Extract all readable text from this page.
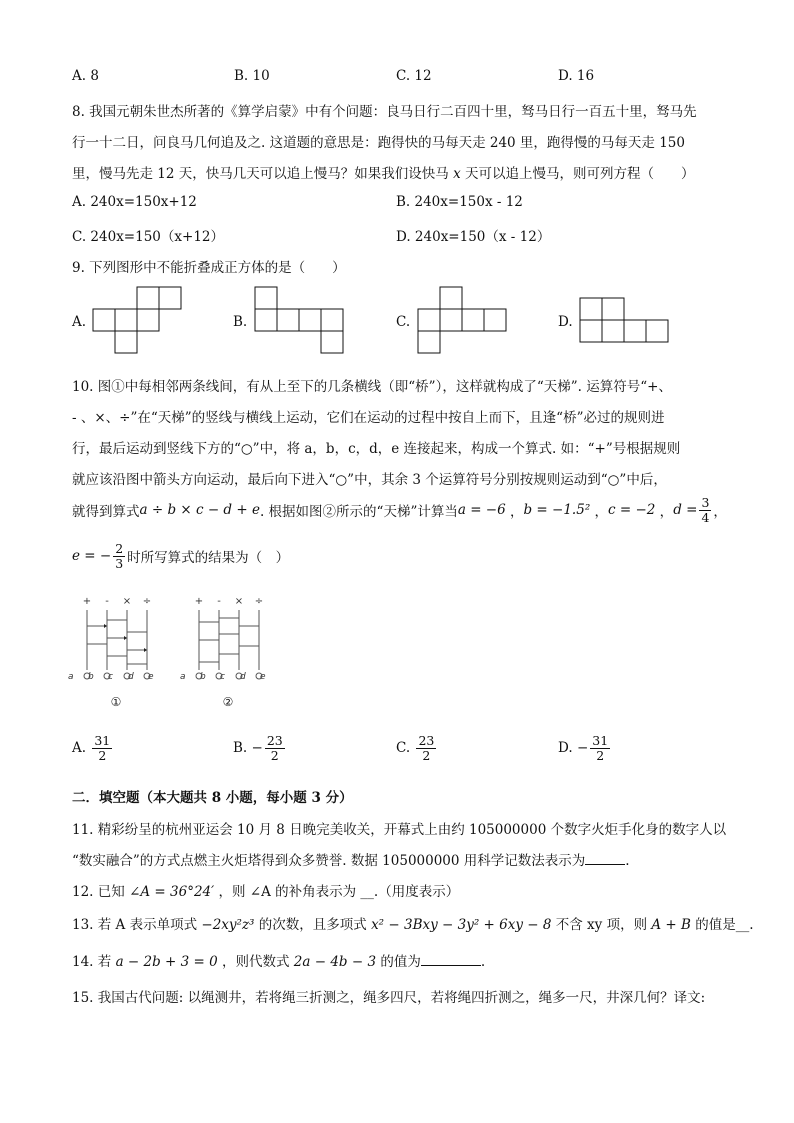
A. 8	B. 10	C. 12	D. 16
8. 我国元朝朱世杰所著的《算学启蒙》中有个问题：良马日行二百四十里，驽马日行一百五十里，驽马先
行一十二日，问良马几何追及之. 这道题的意思是：跑得快的马每天走 240 里，跑得慢的马每天走 150
里，慢马先走 12 天，快马几天可以追上慢马？如果我们设快马 x 天可以追上慢马，则可列方程（　　）
A. 240x=150x+12	B. 240x=150x - 12
C. 240x=150（x+12）	D. 240x=150（x - 12）
9. 下列图形中不能折叠成正方体的是（　　）
A.	B.	C.	D.
10. 图①中每相邻两条线间，有从上至下的几条横线（即“桥”），这样就构成了“天梯”. 运算符号“+、
- 、×、÷”在“天梯”的竖线与横线上运动，它们在运动的过程中按自上而下，且逢“桥”必过的规则进
行，最后运动到竖线下方的“○”中，将 a，b，c，d，e 连接起来，构成一个算式. 如：“+”号根据规则
就应该沿图中箭头方向运动，最后向下进入“○”中，其余 3 个运算符号分别按规则运动到“○”中后，
就得到算式 a ÷ b × c − d + e . 根据如图②所示的“天梯”计算当 a = −6 ， b = −1.5² ， c = −2 ， $d = \frac{3}{4}$ ，
e = − $\frac{2}{3}$ 时所写算式的结果为（　）
+ - × ÷
a b c d e
①
+ - × ÷
a b c d e
②
A.
$\frac{31}{2}$	B.
− $\frac{23}{2}$	C.
$\frac{23}{2}$	D.
− $\frac{31}{2}$
二．填空题（本大题共 8 小题，每小题 3 分）
11. 精彩纷呈的杭州亚运会 10 月 8 日晚完美收关，开幕式上由约 105000000 个数字火炬手化身的数字人以
“数实融合”的方式点燃主火炬塔得到众多赞誉. 数据 105000000 用科学记数法表示为	.
12. 已知 ∠A = 36°24′ ，则 ∠A 的补角表示为 __.（用度表示）
13. 若 A 表示单项式 −2xy²z³ 的次数，且多项式 x² − 3Bxy − 3y² + 6xy − 8 不含 xy 项，则 A + B 的值是__.
14. 若 a − 2b + 3 = 0 ，则代数式 2a − 4b − 3 的值为	.
15. 我国古代问题: 以绳测井，若将绳三折测之，绳多四尺，若将绳四折测之，绳多一尺，井深几何？译文:
